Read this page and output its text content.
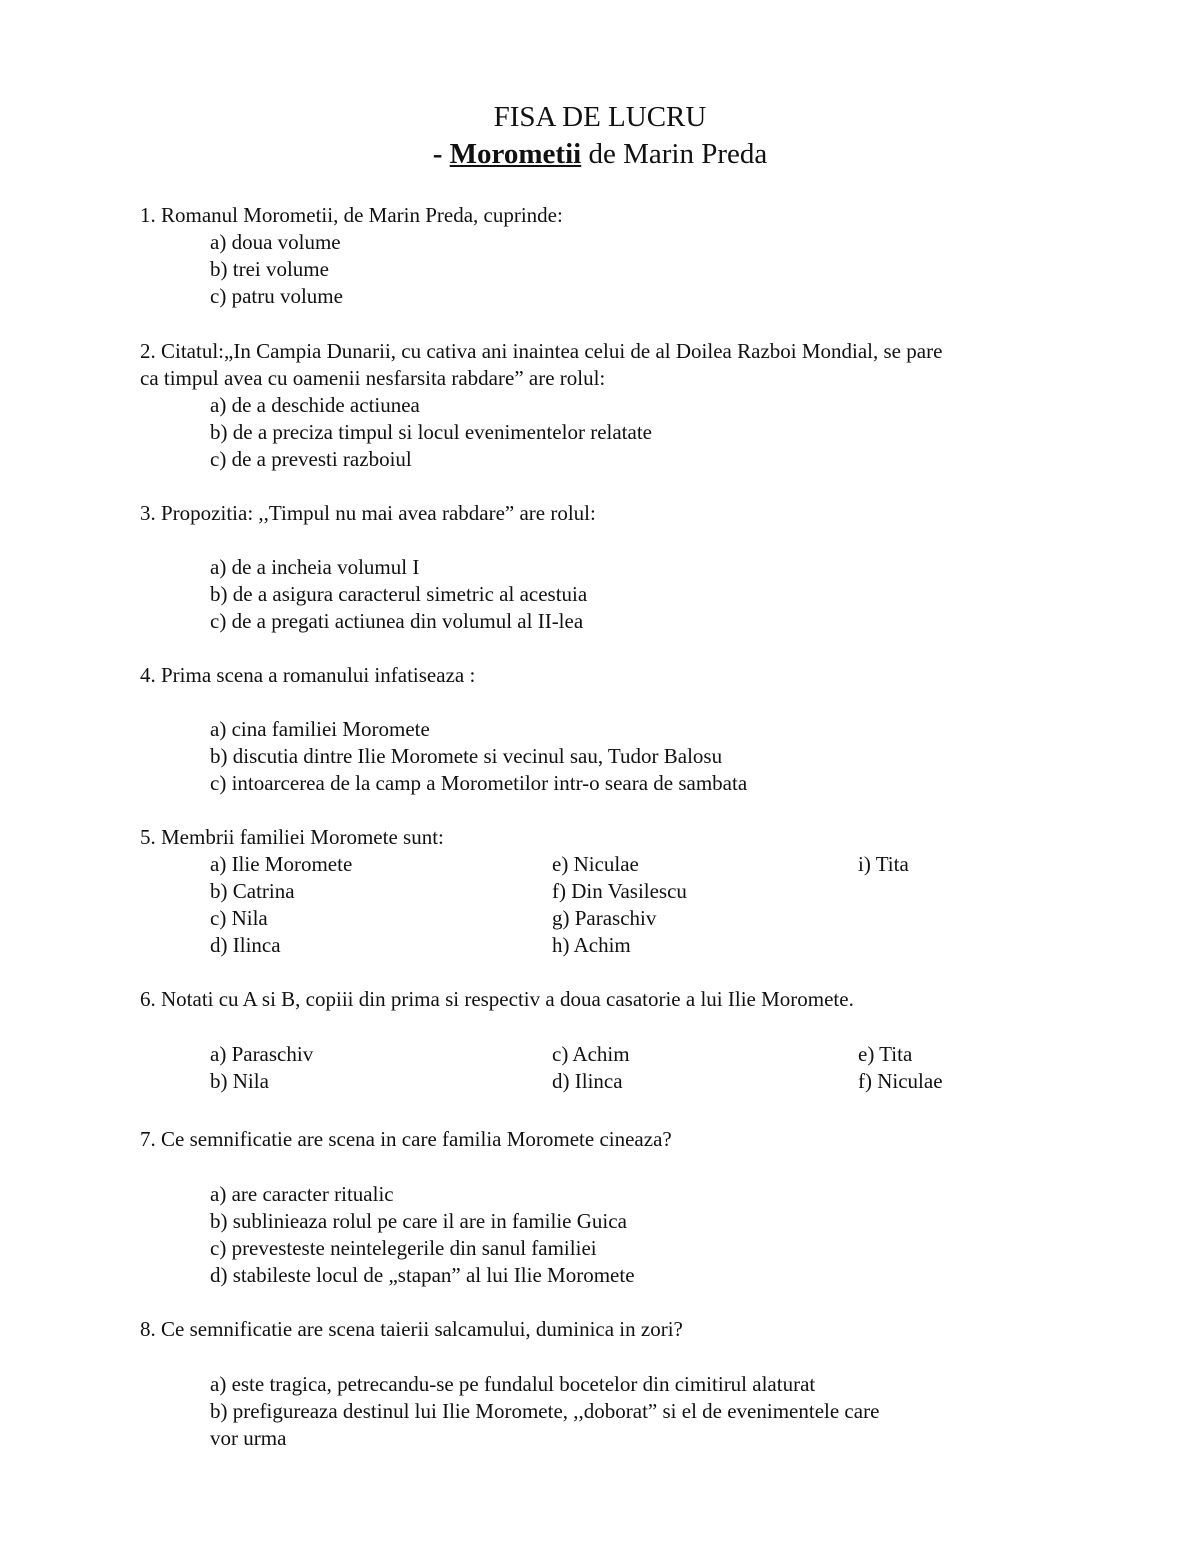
FISA DE LUCRU
- Morometii de Marin Preda
1. Romanul Morometii, de Marin Preda, cuprinde:
a) doua volume
b) trei volume
c) patru volume
2. Citatul:„In Campia Dunarii, cu cativa ani inaintea celui de al Doilea Razboi Mondial, se pare
ca timpul avea cu oamenii nesfarsita rabdare” are rolul:
a) de a deschide actiunea
b) de a preciza timpul si locul evenimentelor relatate
c) de a prevesti razboiul
3. Propozitia: ,,Timpul nu mai avea rabdare” are rolul:
a) de a incheia volumul I
b) de a asigura caracterul simetric al acestuia
c) de a pregati actiunea din volumul al II-lea
4. Prima scena a romanului infatiseaza :
a) cina familiei Moromete
b) discutia dintre Ilie Moromete si vecinul sau, Tudor Balosu
c) intoarcerea de la camp a Morometilor intr-o seara de sambata
5. Membrii familiei Moromete sunt:
a) Ilie Moromete
b) Catrina
c) Nila
d) Ilinca
e) Niculae
f) Din Vasilescu
g) Paraschiv
h) Achim
i) Tita
6. Notati cu A si B, copiii din prima si respectiv a doua casatorie a lui Ilie Moromete.
a) Paraschiv
b) Nila
c) Achim
d) Ilinca
e) Tita
f) Niculae
7. Ce semnificatie are scena in care familia Moromete cineaza?
a) are caracter ritualic
b) sublinieaza rolul pe care il are in familie Guica
c) prevesteste neintelegerile din sanul familiei
d) stabileste locul de „stapan” al lui Ilie Moromete
8. Ce semnificatie are scena taierii salcamului, duminica in zori?
a) este tragica, petrecandu-se pe fundalul bocetelor din cimitirul alaturat
b) prefigureaza destinul lui Ilie Moromete, ,,doborat” si el de evenimentele care
vor urma
